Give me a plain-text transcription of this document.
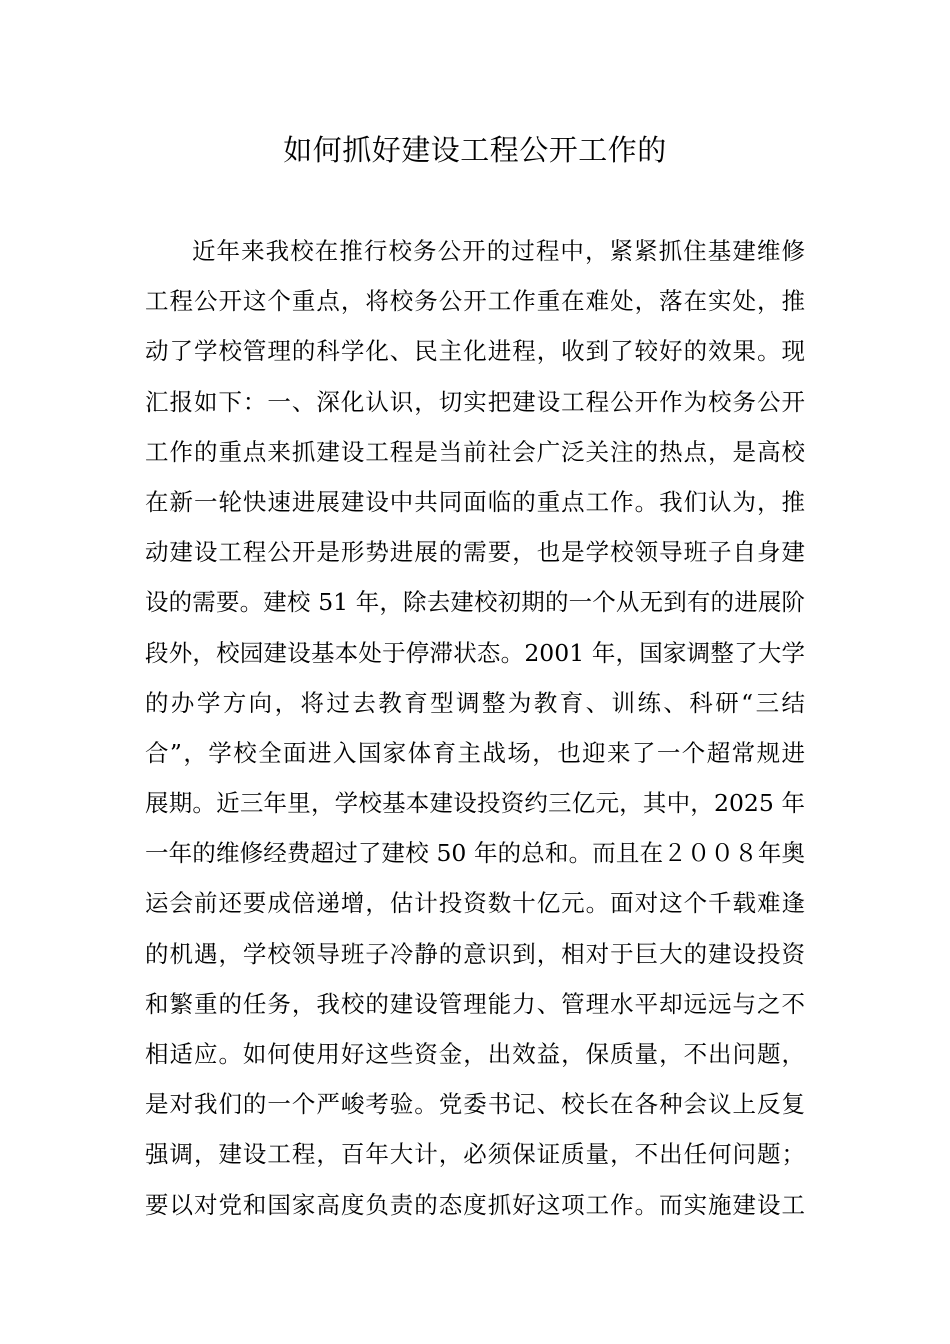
如何抓好建设工程公开工作的
近年来我校在推行校务公开的过程中，紧紧抓住基建维修
工程公开这个重点，将校务公开工作重在难处，落在实处，推
动了学校管理的科学化、民主化进程，收到了较好的效果。现
汇报如下：一、深化认识，切实把建设工程公开作为校务公开
工作的重点来抓建设工程是当前社会广泛关注的热点，是高校
在新一轮快速进展建设中共同面临的重点工作。我们认为，推
动建设工程公开是形势进展的需要，也是学校领导班子自身建
设的需要。建校 51 年，除去建校初期的一个从无到有的进展阶
段外，校园建设基本处于停滞状态。2001 年，国家调整了大学
的办学方向，将过去教育型调整为教育、训练、科研“三结
合”，学校全面进入国家体育主战场，也迎来了一个超常规进
展期。近三年里，学校基本建设投资约三亿元，其中，2025 年
一年的维修经费超过了建校 50 年的总和。而且在２００８年奥
运会前还要成倍递增，估计投资数十亿元。面对这个千载难逢
的机遇，学校领导班子冷静的意识到，相对于巨大的建设投资
和繁重的任务，我校的建设管理能力、管理水平却远远与之不
相适应。如何使用好这些资金，出效益，保质量，不出问题，
是对我们的一个严峻考验。党委书记、校长在各种会议上反复
强调，建设工程，百年大计，必须保证质量，不出任何问题；
要以对党和国家高度负责的态度抓好这项工作。而实施建设工
